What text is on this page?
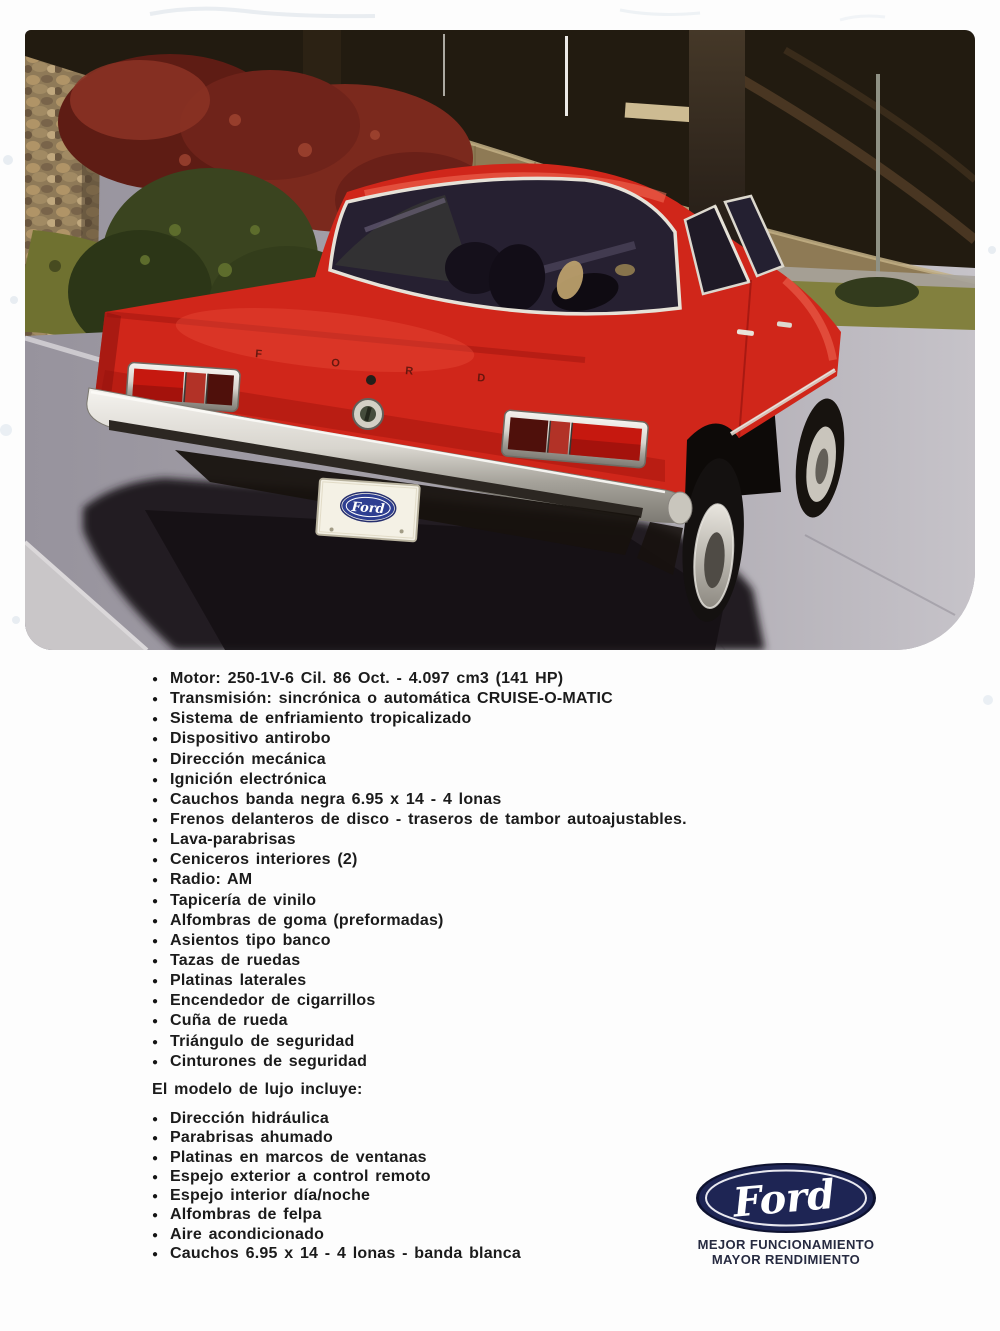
F
O
R
D
Ford
● Motor: 250-1V-6 Cil. 86 Oct. - 4.097 cm3 (141 HP)
● Transmisión: sincrónica o automática CRUISE-O-MATIC
● Sistema de enfriamiento tropicalizado
● Dispositivo antirobo
● Dirección mecánica
● Ignición electrónica
● Cauchos banda negra 6.95 x 14 - 4 lonas
● Frenos delanteros de disco - traseros de tambor autoajustables.
● Lava-parabrisas
● Ceniceros interiores (2)
● Radio: AM
● Tapicería de vinilo
● Alfombras de goma (preformadas)
● Asientos tipo banco
● Tazas de ruedas
● Platinas laterales
● Encendedor de cigarrillos
● Cuña de rueda
● Triángulo de seguridad
● Cinturones de seguridad

El modelo de lujo incluye:

● Dirección hidráulica
● Parabrisas ahumado
● Platinas en marcos de ventanas
● Espejo exterior a control remoto
● Espejo interior día/noche
● Alfombras de felpa
● Aire acondicionado
● Cauchos 6.95 x 14 - 4 lonas - banda blanca
Ford

MEJOR FUNCIONAMIENTO

MAYOR RENDIMIENTO
